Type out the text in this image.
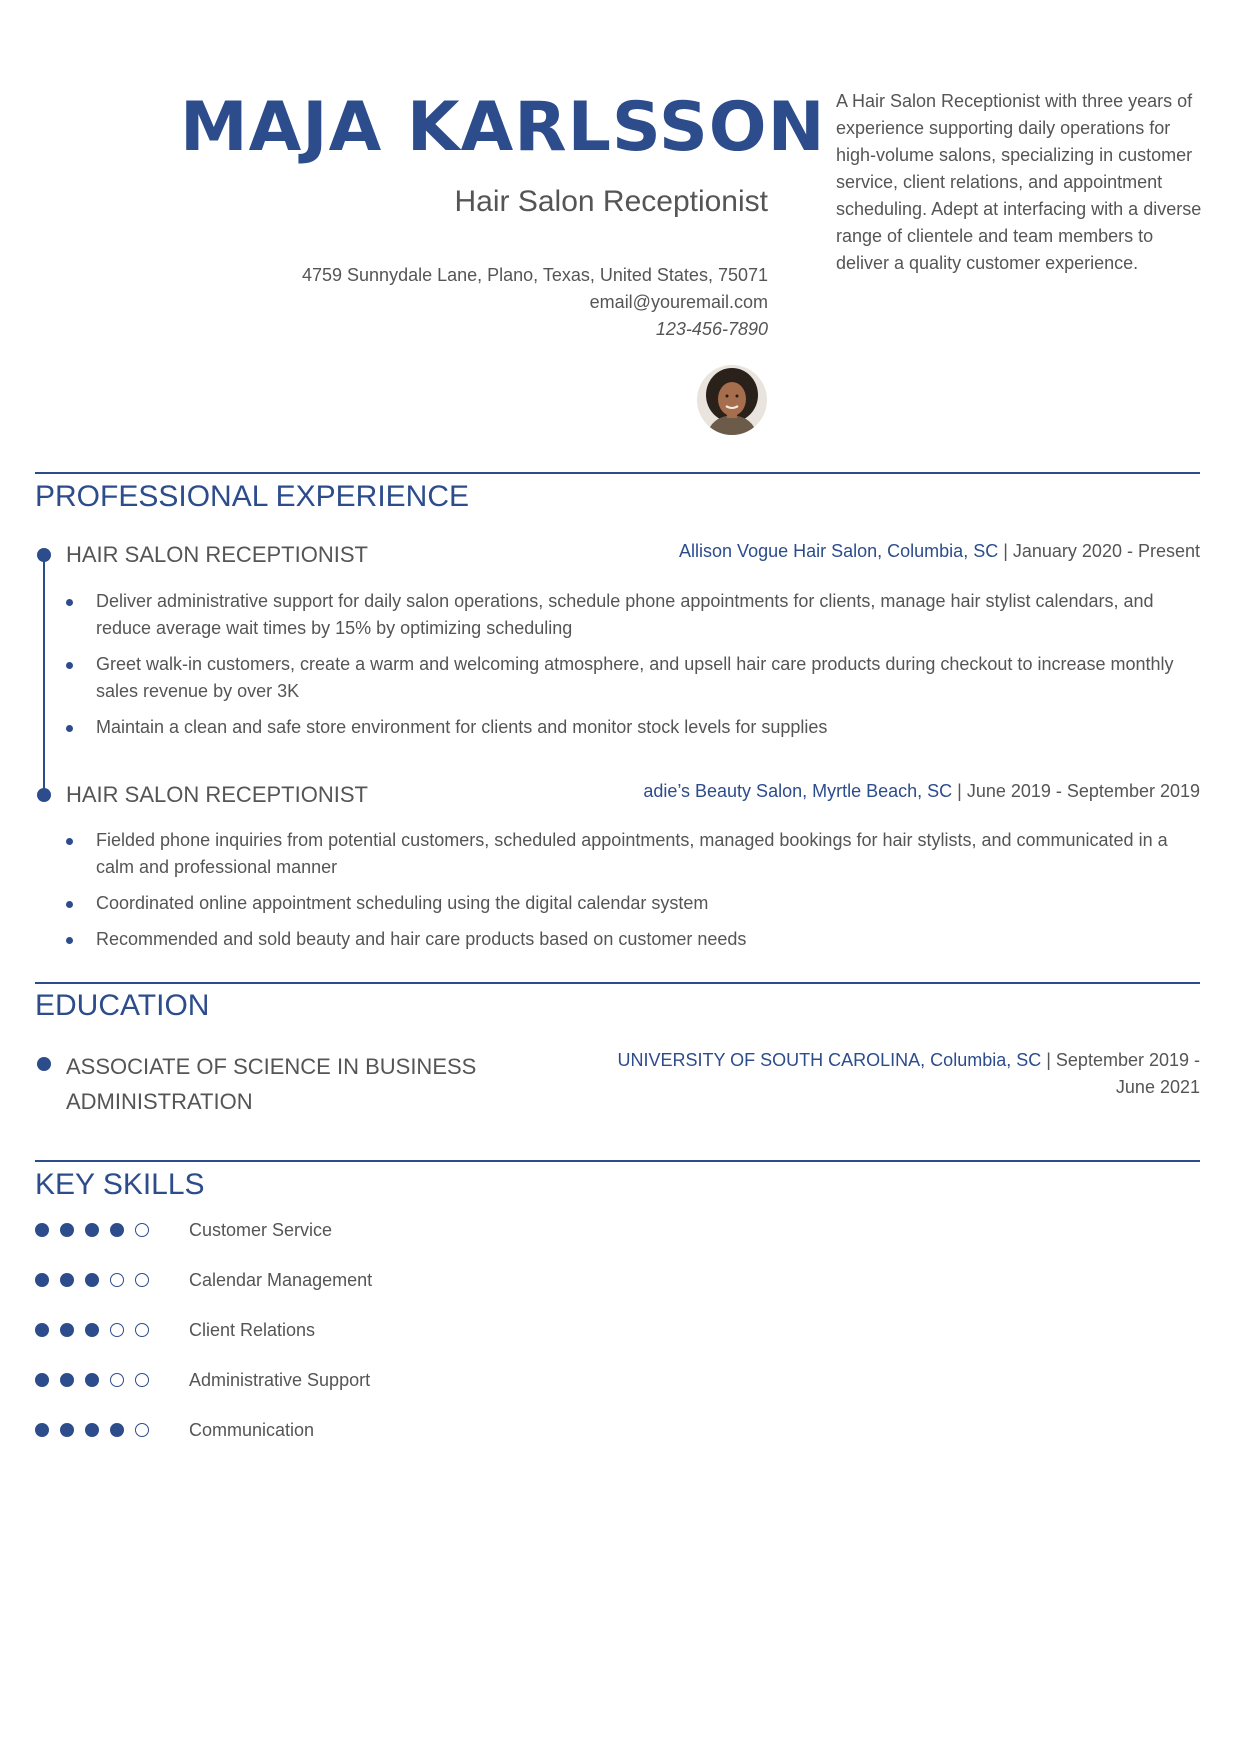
MAJA KARLSSON
Hair Salon Receptionist
4759 Sunnydale Lane, Plano, Texas, United States, 75071
email@youremail.com
123-456-7890
A Hair Salon Receptionist with three years of experience supporting daily operations for high-volume salons, specializing in customer service, client relations, and appointment scheduling. Adept at interfacing with a diverse range of clientele and team members to deliver a quality customer experience.
PROFESSIONAL EXPERIENCE
HAIR SALON RECEPTIONIST	Allison Vogue Hair Salon, Columbia, SC | January 2020 - Present
Deliver administrative support for daily salon operations, schedule phone appointments for clients, manage hair stylist calendars, and reduce average wait times by 15% by optimizing scheduling
Greet walk-in customers, create a warm and welcoming atmosphere, and upsell hair care products during checkout to increase monthly sales revenue by over 3K
Maintain a clean and safe store environment for clients and monitor stock levels for supplies
HAIR SALON RECEPTIONIST	adie’s Beauty Salon, Myrtle Beach, SC | June 2019 - September 2019
Fielded phone inquiries from potential customers, scheduled appointments, managed bookings for hair stylists, and communicated in a calm and professional manner
Coordinated online appointment scheduling using the digital calendar system
Recommended and sold beauty and hair care products based on customer needs
EDUCATION
ASSOCIATE OF SCIENCE IN BUSINESS ADMINISTRATION
UNIVERSITY OF SOUTH CAROLINA, Columbia, SC | September 2019 - June 2021
KEY SKILLS
Customer Service
Calendar Management
Client Relations
Administrative Support
Communication
